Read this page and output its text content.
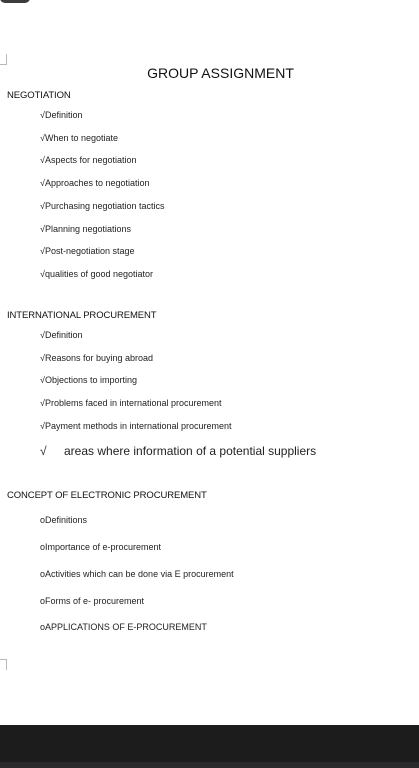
GROUP ASSIGNMENT
NEGOTIATION
√Definition
√When to negotiate
√Aspects for negotiation
√Approaches to negotiation
√Purchasing negotiation tactics
√Planning negotiations
√Post-negotiation stage
√qualities of good negotiator
INTERNATIONAL PROCUREMENT
√Definition
√Reasons for buying abroad
√Objections to importing
√Problems faced in international procurement
√Payment methods in international procurement
√ areas where information of a potential suppliers
CONCEPT OF ELECTRONIC PROCUREMENT
oDefinitions
oImportance of e-procurement
oActivities which can be done via E procurement
oForms of e- procurement
oAPPLICATIONS OF E-PROCUREMENT
